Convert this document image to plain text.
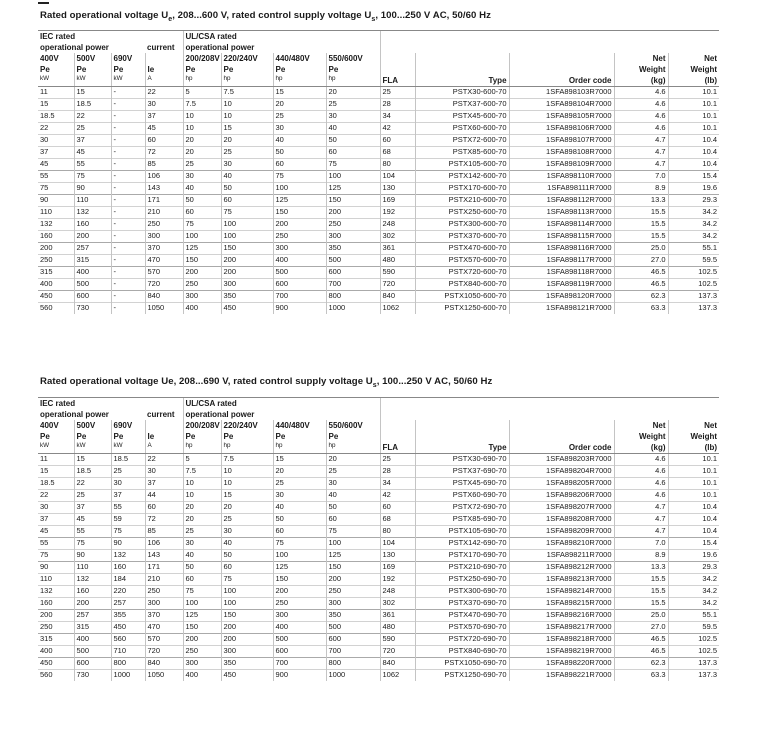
Rated operational voltage $U_e$, 208...600 V, rated control supply voltage $U_s$, 100...250 V AC, 50/60 Hz
IEC rated				UL/CSA rated								
operational power			current	operational power								
400V	500V	690V		200/208V	220/240V	440/480V	550/600V				Net	Net
Pe	Pe	Pe	Ie	Pe	Pe	Pe	Pe				Weight	Weight
kW	kW	kW	A	hp	hp	hp	hp	FLA	Type	Order code	(kg)	(lb)
11	15	-	22	5	7.5	15	20	25	PSTX30-600-70	1SFA898103R7000	4.6	10.1
15	18.5	-	30	7.5	10	20	25	28	PSTX37-600-70	1SFA898104R7000	4.6	10.1
18.5	22	-	37	10	10	25	30	34	PSTX45-600-70	1SFA898105R7000	4.6	10.1
22	25	-	45	10	15	30	40	42	PSTX60-600-70	1SFA898106R7000	4.6	10.1
30	37	-	60	20	20	40	50	60	PSTX72-600-70	1SFA898107R7000	4.7	10.4
37	45	-	72	20	25	50	60	68	PSTX85-600-70	1SFA898108R7000	4.7	10.4
45	55	-	85	25	30	60	75	80	PSTX105-600-70	1SFA898109R7000	4.7	10.4
55	75	-	106	30	40	75	100	104	PSTX142-600-70	1SFA898110R7000	7.0	15.4
75	90	-	143	40	50	100	125	130	PSTX170-600-70	1SFA898111R7000	8.9	19.6
90	110	-	171	50	60	125	150	169	PSTX210-600-70	1SFA898112R7000	13.3	29.3
110	132	-	210	60	75	150	200	192	PSTX250-600-70	1SFA898113R7000	15.5	34.2
132	160	-	250	75	100	200	250	248	PSTX300-600-70	1SFA898114R7000	15.5	34.2
160	200	-	300	100	100	250	300	302	PSTX370-600-70	1SFA898115R7000	15.5	34.2
200	257	-	370	125	150	300	350	361	PSTX470-600-70	1SFA898116R7000	25.0	55.1
250	315	-	470	150	200	400	500	480	PSTX570-600-70	1SFA898117R7000	27.0	59.5
315	400	-	570	200	200	500	600	590	PSTX720-600-70	1SFA898118R7000	46.5	102.5
400	500	-	720	250	300	600	700	720	PSTX840-600-70	1SFA898119R7000	46.5	102.5
450	600	-	840	300	350	700	800	840	PSTX1050-600-70	1SFA898120R7000	62.3	137.3
560	730	-	1050	400	450	900	1000	1062	PSTX1250-600-70	1SFA898121R7000	63.3	137.3
Rated operational voltage Ue, 208...690 V, rated control supply voltage $U_s$, 100...250 V AC, 50/60 Hz
IEC rated				UL/CSA rated								
operational power			current	operational power								
400V	500V	690V		200/208V	220/240V	440/480V	550/600V				Net	Net
Pe	Pe	Pe	Ie	Pe	Pe	Pe	Pe				Weight	Weight
kW	kW	kW	A	hp	hp	hp	hp	FLA	Type	Order code	(kg)	(lb)
11	15	18.5	22	5	7.5	15	20	25	PSTX30-690-70	1SFA898203R7000	4.6	10.1
15	18.5	25	30	7.5	10	20	25	28	PSTX37-690-70	1SFA898204R7000	4.6	10.1
18.5	22	30	37	10	10	25	30	34	PSTX45-690-70	1SFA898205R7000	4.6	10.1
22	25	37	44	10	15	30	40	42	PSTX60-690-70	1SFA898206R7000	4.6	10.1
30	37	55	60	20	20	40	50	60	PSTX72-690-70	1SFA898207R7000	4.7	10.4
37	45	59	72	20	25	50	60	68	PSTX85-690-70	1SFA898208R7000	4.7	10.4
45	55	75	85	25	30	60	75	80	PSTX105-690-70	1SFA898209R7000	4.7	10.4
55	75	90	106	30	40	75	100	104	PSTX142-690-70	1SFA898210R7000	7.0	15.4
75	90	132	143	40	50	100	125	130	PSTX170-690-70	1SFA898211R7000	8.9	19.6
90	110	160	171	50	60	125	150	169	PSTX210-690-70	1SFA898212R7000	13.3	29.3
110	132	184	210	60	75	150	200	192	PSTX250-690-70	1SFA898213R7000	15.5	34.2
132	160	220	250	75	100	200	250	248	PSTX300-690-70	1SFA898214R7000	15.5	34.2
160	200	257	300	100	100	250	300	302	PSTX370-690-70	1SFA898215R7000	15.5	34.2
200	257	355	370	125	150	300	350	361	PSTX470-690-70	1SFA898216R7000	25.0	55.1
250	315	450	470	150	200	400	500	480	PSTX570-690-70	1SFA898217R7000	27.0	59.5
315	400	560	570	200	200	500	600	590	PSTX720-690-70	1SFA898218R7000	46.5	102.5
400	500	710	720	250	300	600	700	720	PSTX840-690-70	1SFA898219R7000	46.5	102.5
450	600	800	840	300	350	700	800	840	PSTX1050-690-70	1SFA898220R7000	62.3	137.3
560	730	1000	1050	400	450	900	1000	1062	PSTX1250-690-70	1SFA898221R7000	63.3	137.3
